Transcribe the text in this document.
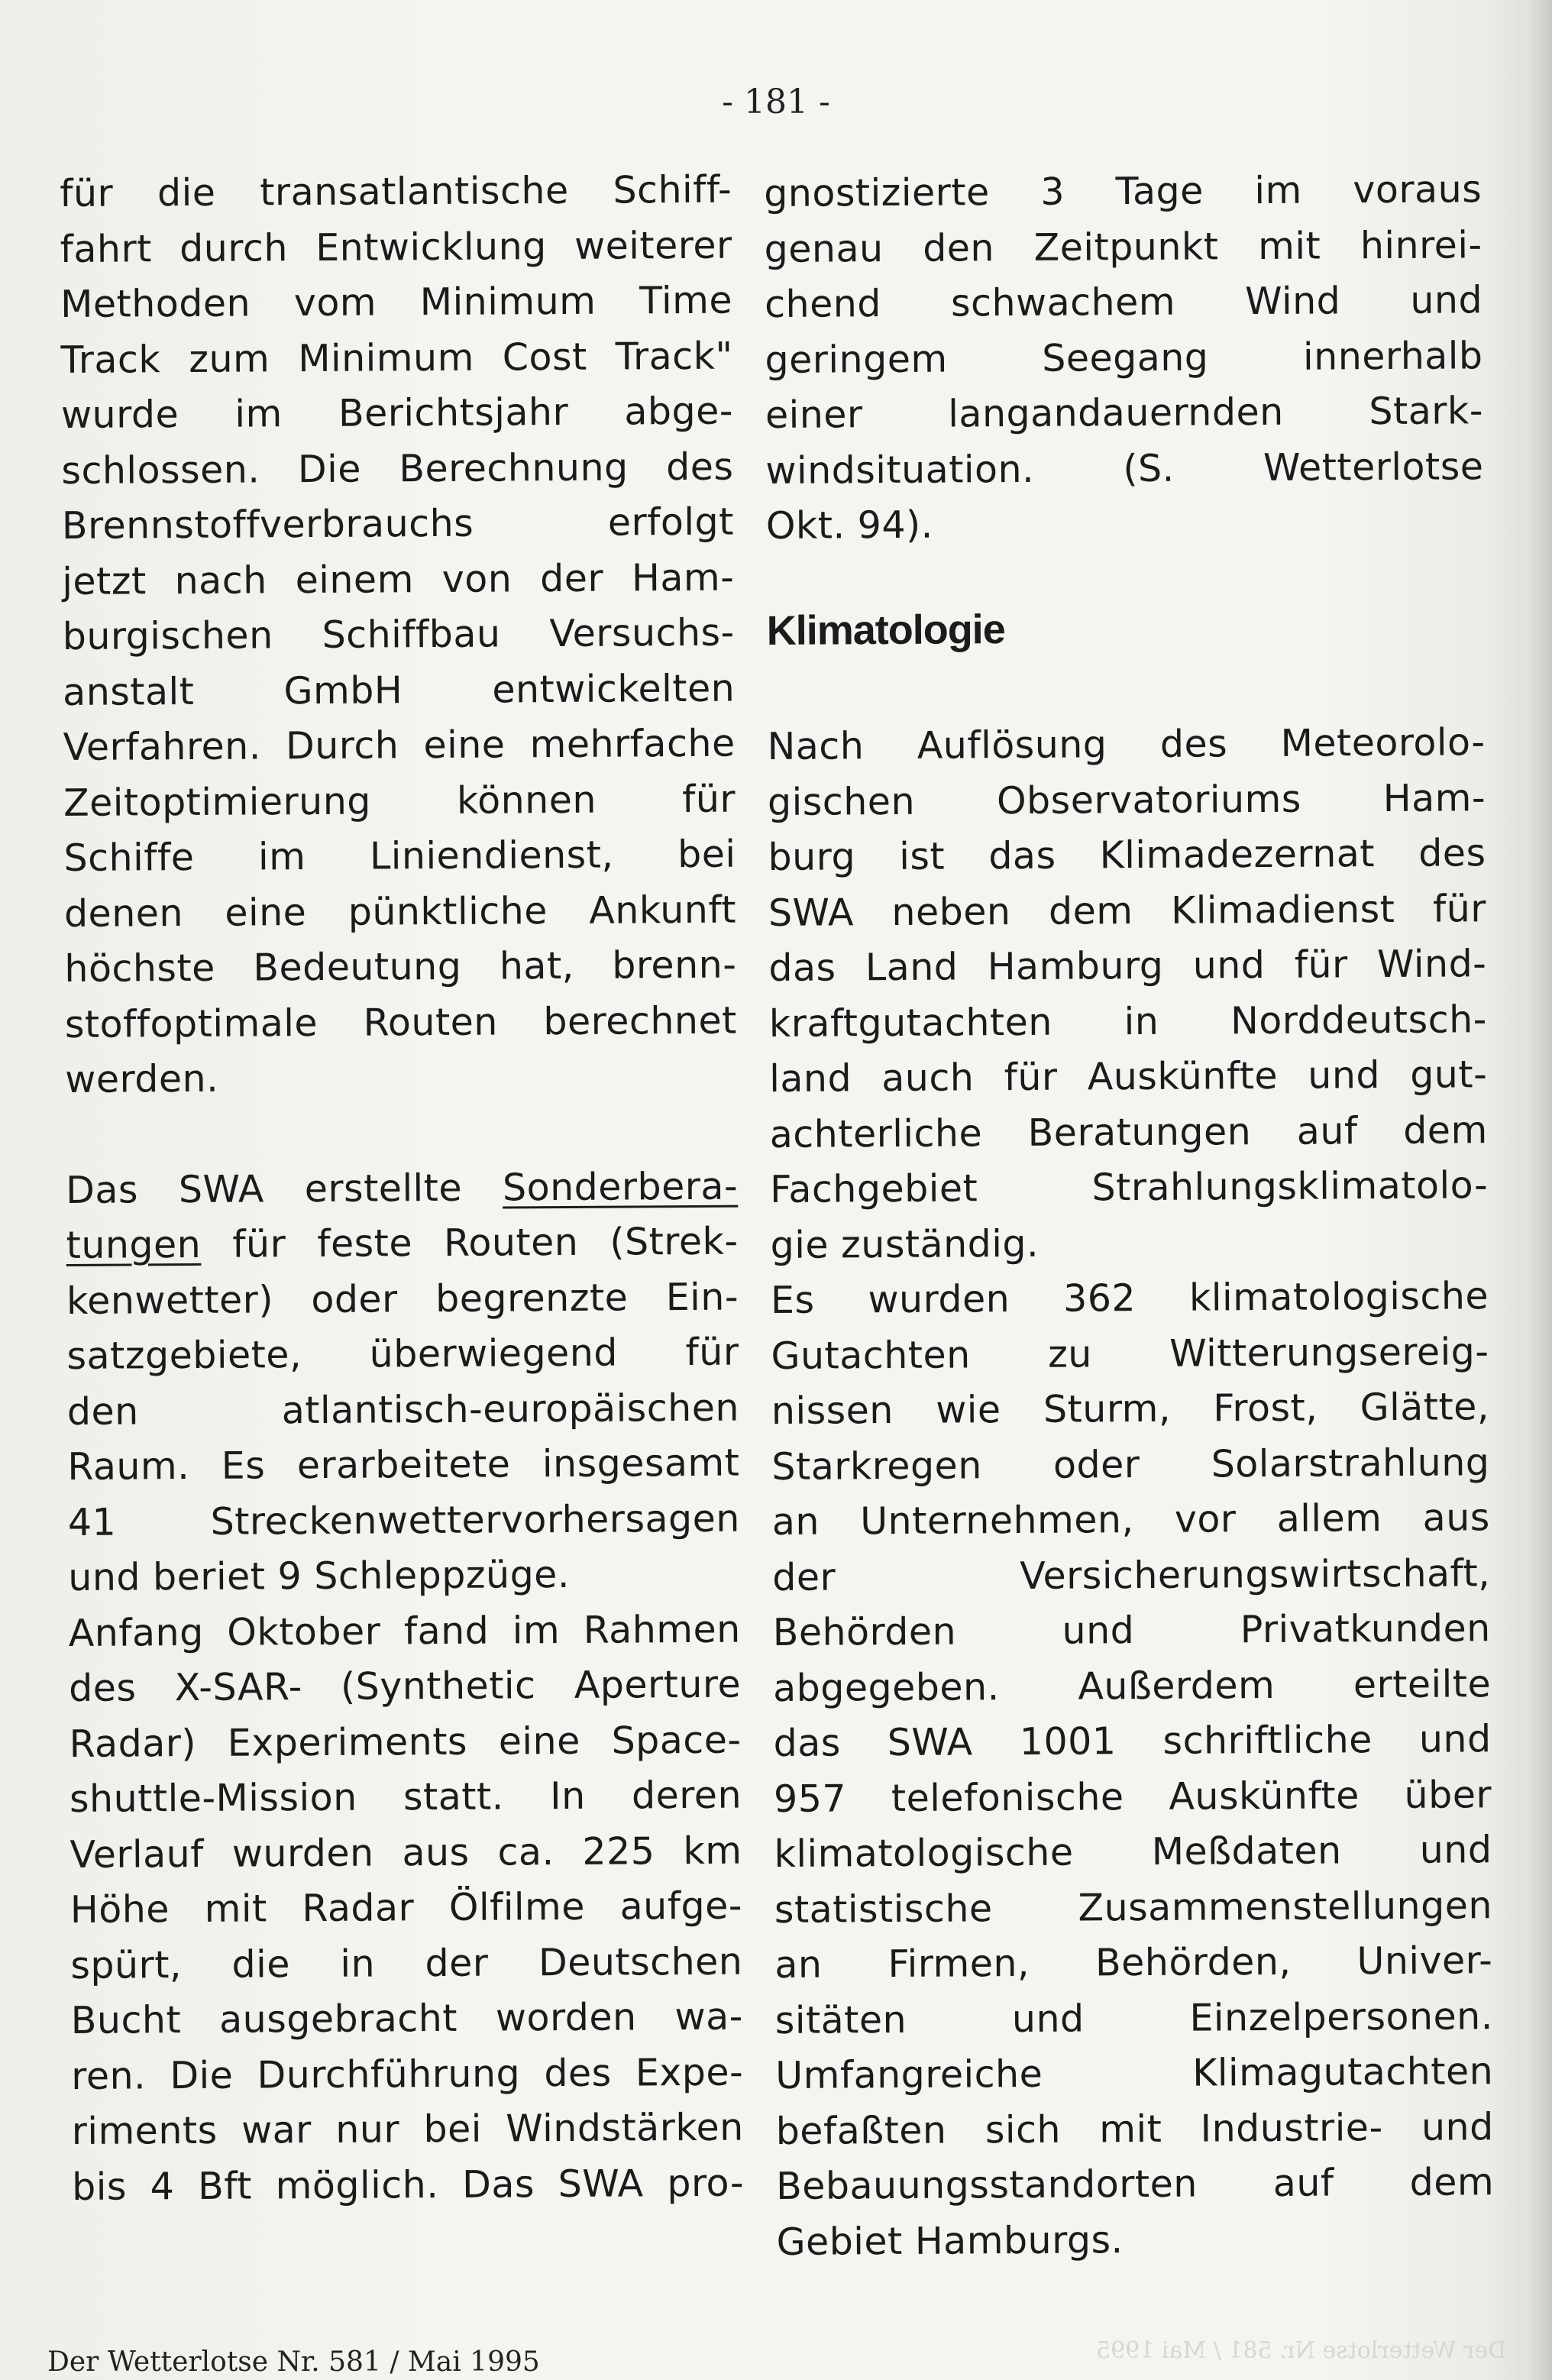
- 181 -
für die transatlantische Schiff-
fahrt durch Entwicklung weiterer
Methoden vom Minimum Time
Track zum Minimum Cost Track"
wurde im Berichtsjahr abge-
schlossen. Die Berechnung des
Brennstoffverbrauchs erfolgt
jetzt nach einem von der Ham-
burgischen Schiffbau Versuchs-
anstalt GmbH entwickelten
Verfahren. Durch eine mehrfache
Zeitoptimierung können für
Schiffe im Liniendienst, bei
denen eine pünktliche Ankunft
höchste Bedeutung hat, brenn-
stoffoptimale Routen berechnet
werden.
Das SWA erstellte Sonderbera-
tungen für feste Routen (Strek-
kenwetter) oder begrenzte Ein-
satzgebiete, überwiegend für
den atlantisch-europäischen
Raum. Es erarbeitete insgesamt
41 Streckenwettervorhersagen
und beriet 9 Schleppzüge.
Anfang Oktober fand im Rahmen
des X-SAR- (Synthetic Aperture
Radar) Experiments eine Space-
shuttle-Mission statt. In deren
Verlauf wurden aus ca. 225 km
Höhe mit Radar Ölfilme aufge-
spürt, die in der Deutschen
Bucht ausgebracht worden wa-
ren. Die Durchführung des Expe-
riments war nur bei Windstärken
bis 4 Bft möglich. Das SWA pro-
gnostizierte 3 Tage im voraus
genau den Zeitpunkt mit hinrei-
chend schwachem Wind und
geringem Seegang innerhalb
einer langandauernden Stark-
windsituation. (S. Wetterlotse
Okt. 94).
Klimatologie
Nach Auflösung des Meteorolo-
gischen Observatoriums Ham-
burg ist das Klimadezernat des
SWA neben dem Klimadienst für
das Land Hamburg und für Wind-
kraftgutachten in Norddeutsch-
land auch für Auskünfte und gut-
achterliche Beratungen auf dem
Fachgebiet Strahlungsklimatolo-
gie zuständig.
Es wurden 362 klimatologische
Gutachten zu Witterungsereig-
nissen wie Sturm, Frost, Glätte,
Starkregen oder Solarstrahlung
an Unternehmen, vor allem aus
der Versicherungswirtschaft,
Behörden und Privatkunden
abgegeben. Außerdem erteilte
das SWA 1001 schriftliche und
957 telefonische Auskünfte über
klimatologische Meßdaten und
statistische Zusammenstellungen
an Firmen, Behörden, Univer-
sitäten und Einzelpersonen.
Umfangreiche Klimagutachten
befaßten sich mit Industrie- und
Bebauungsstandorten auf dem
Gebiet Hamburgs.
Der Wetterlotse Nr. 581 / Mai 1995	Der Wetterlotse Nr. 581 / Mai 1995
